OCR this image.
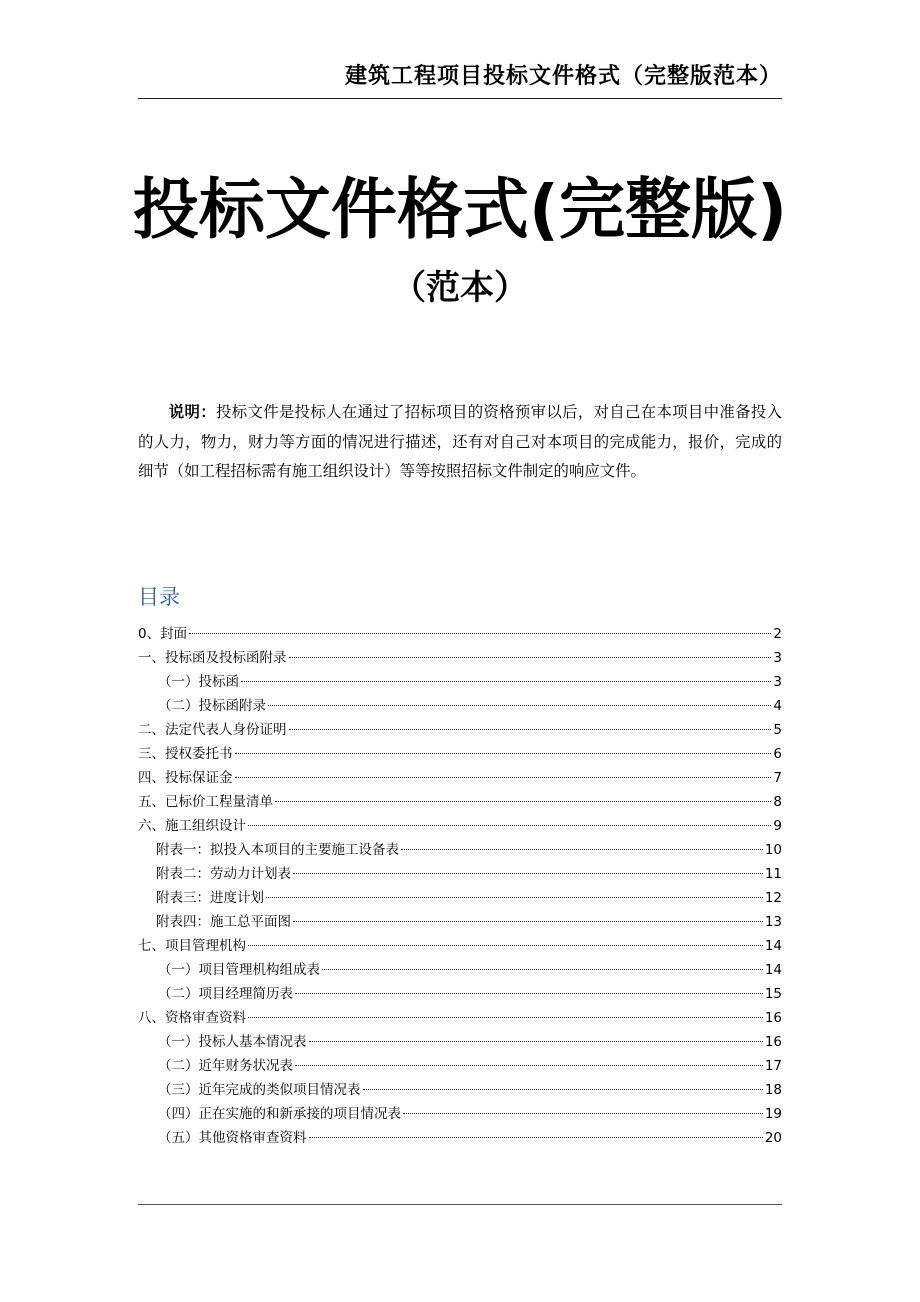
建筑工程项目投标文件格式（完整版范本）
投标文件格式(完整版)
（范本）
说明：投标文件是投标人在通过了招标项目的资格预审以后，对自己在本项目中准备投入的人力，物力，财力等方面的情况进行描述，还有对自己对本项目的完成能力，报价，完成的细节（如工程招标需有施工组织设计）等等按照招标文件制定的响应文件。
目录
0、封面	2
一、投标函及投标函附录	3
（一）投标函	3
（二）投标函附录	4
二、法定代表人身份证明	5
三、授权委托书	6
四、投标保证金	7
五、已标价工程量清单	8
六、施工组织设计	9
附表一：拟投入本项目的主要施工设备表	10
附表二：劳动力计划表	11
附表三：进度计划	12
附表四：施工总平面图	13
七、项目管理机构	14
（一）项目管理机构组成表	14
（二）项目经理简历表	15
八、资格审查资料	16
（一）投标人基本情况表	16
（二）近年财务状况表	17
（三）近年完成的类似项目情况表	18
（四）正在实施的和新承接的项目情况表	19
（五）其他资格审查资料	20
